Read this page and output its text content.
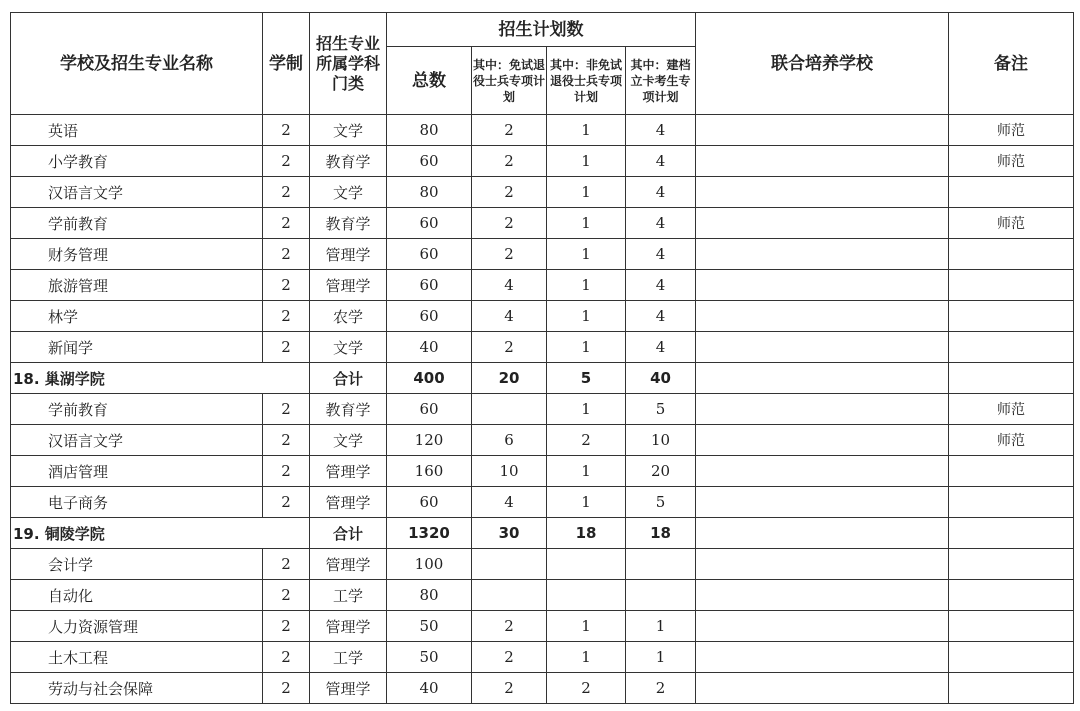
学校及招生专业名称	学制	招生专业所属学科门类	招生计划数				联合培养学校	备注
			总数	其中：免试退役士兵专项计划	其中：非免试退役士兵专项计划	其中：建档立卡考生专项计划		
英语	2	文学	80	2	1	4		师范
小学教育	2	教育学	60	2	1	4		师范
汉语言文学	2	文学	80	2	1	4		
学前教育	2	教育学	60	2	1	4		师范
财务管理	2	管理学	60	2	1	4		
旅游管理	2	管理学	60	4	1	4		
林学	2	农学	60	4	1	4		
新闻学	2	文学	40	2	1	4		
18. 巢湖学院		合计	400	20	5	40		
学前教育	2	教育学	60		1	5		师范
汉语言文学	2	文学	120	6	2	10		师范
酒店管理	2	管理学	160	10	1	20		
电子商务	2	管理学	60	4	1	5		
19. 铜陵学院		合计	1320	30	18	18		
会计学	2	管理学	100					
自动化	2	工学	80					
人力资源管理	2	管理学	50	2	1	1		
土木工程	2	工学	50	2	1	1		
劳动与社会保障	2	管理学	40	2	2	2		
